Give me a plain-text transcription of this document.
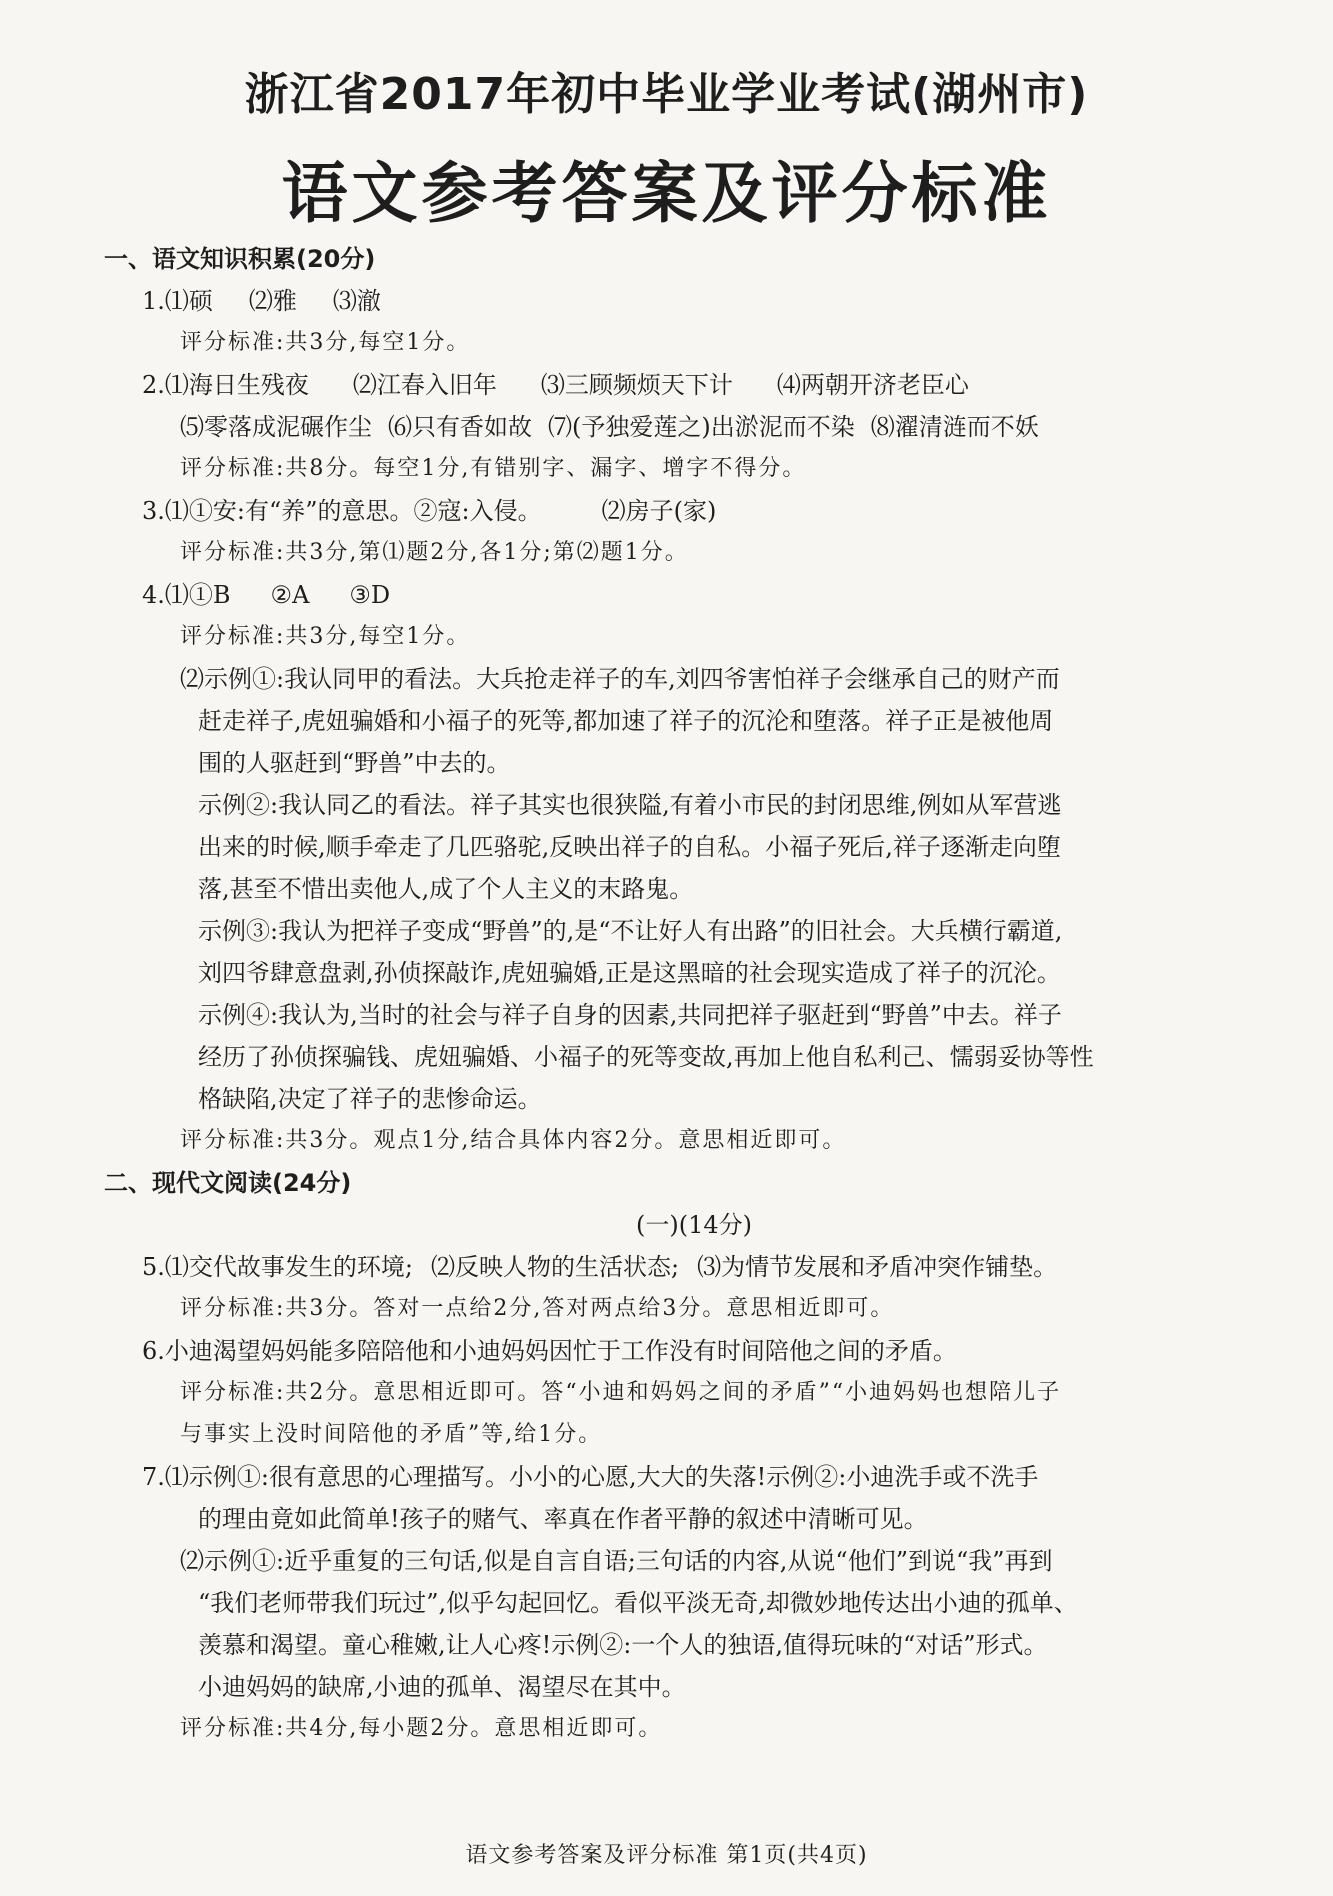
浙江省2017年初中毕业学业考试(湖州市)
语文参考答案及评分标准
一、语文知识积累(20分)
1.⑴硕 ⑵雅 ⑶澈
评分标准:共3分,每空1分。
2.⑴海日生残夜 ⑵江春入旧年 ⑶三顾频烦天下计 ⑷两朝开济老臣心
⑸零落成泥碾作尘 ⑹只有香如故 ⑺(予独爱莲之)出淤泥而不染 ⑻濯清涟而不妖
评分标准:共8分。每空1分,有错别字、漏字、增字不得分。
3.⑴①安:有“养”的意思。②寇:入侵。	⑵房子(家)
评分标准:共3分,第⑴题2分,各1分;第⑵题1分。
4.⑴①B ②A ③D
评分标准:共3分,每空1分。
⑵示例①:我认同甲的看法。大兵抢走祥子的车,刘四爷害怕祥子会继承自己的财产而
赶走祥子,虎妞骗婚和小福子的死等,都加速了祥子的沉沦和堕落。祥子正是被他周
围的人驱赶到“野兽”中去的。
示例②:我认同乙的看法。祥子其实也很狭隘,有着小市民的封闭思维,例如从军营逃
出来的时候,顺手牵走了几匹骆驼,反映出祥子的自私。小福子死后,祥子逐渐走向堕
落,甚至不惜出卖他人,成了个人主义的末路鬼。
示例③:我认为把祥子变成“野兽”的,是“不让好人有出路”的旧社会。大兵横行霸道,
刘四爷肆意盘剥,孙侦探敲诈,虎妞骗婚,正是这黑暗的社会现实造成了祥子的沉沦。
示例④:我认为,当时的社会与祥子自身的因素,共同把祥子驱赶到“野兽”中去。祥子
经历了孙侦探骗钱、虎妞骗婚、小福子的死等变故,再加上他自私利己、懦弱妥协等性
格缺陷,决定了祥子的悲惨命运。
评分标准:共3分。观点1分,结合具体内容2分。意思相近即可。
二、现代文阅读(24分)
(一)(14分)
5.⑴交代故事发生的环境; ⑵反映人物的生活状态; ⑶为情节发展和矛盾冲突作铺垫。
评分标准:共3分。答对一点给2分,答对两点给3分。意思相近即可。
6.小迪渴望妈妈能多陪陪他和小迪妈妈因忙于工作没有时间陪他之间的矛盾。
评分标准:共2分。意思相近即可。答“小迪和妈妈之间的矛盾”“小迪妈妈也想陪儿子
与事实上没时间陪他的矛盾”等,给1分。
7.⑴示例①:很有意思的心理描写。小小的心愿,大大的失落!示例②:小迪洗手或不洗手
的理由竟如此简单!孩子的赌气、率真在作者平静的叙述中清晰可见。
⑵示例①:近乎重复的三句话,似是自言自语;三句话的内容,从说“他们”到说“我”再到
“我们老师带我们玩过”,似乎勾起回忆。看似平淡无奇,却微妙地传达出小迪的孤单、
羡慕和渴望。童心稚嫩,让人心疼!示例②:一个人的独语,值得玩味的“对话”形式。
小迪妈妈的缺席,小迪的孤单、渴望尽在其中。
评分标准:共4分,每小题2分。意思相近即可。
语文参考答案及评分标准 第1页(共4页)
